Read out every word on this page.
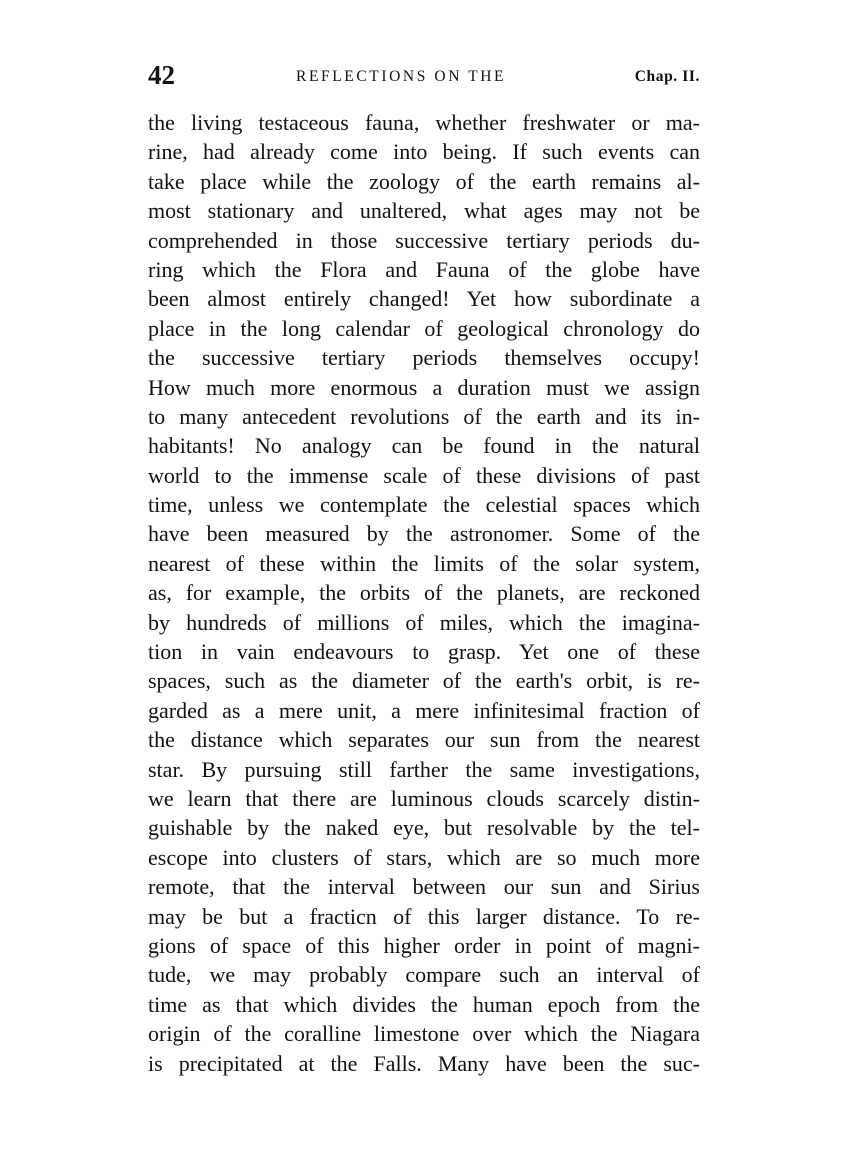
42	REFLECTIONS ON THE	Chap. II.
the living testaceous fauna, whether freshwater or ma-
rine, had already come into being. If such events can
take place while the zoology of the earth remains al-
most stationary and unaltered, what ages may not be
comprehended in those successive tertiary periods du-
ring which the Flora and Fauna of the globe have
been almost entirely changed! Yet how subordinate a
place in the long calendar of geological chronology do
the successive tertiary periods themselves occupy!
How much more enormous a duration must we assign
to many antecedent revolutions of the earth and its in-
habitants! No analogy can be found in the natural
world to the immense scale of these divisions of past
time, unless we contemplate the celestial spaces which
have been measured by the astronomer. Some of the
nearest of these within the limits of the solar system,
as, for example, the orbits of the planets, are reckoned
by hundreds of millions of miles, which the imagina-
tion in vain endeavours to grasp. Yet one of these
spaces, such as the diameter of the earth's orbit, is re-
garded as a mere unit, a mere infinitesimal fraction of
the distance which separates our sun from the nearest
star. By pursuing still farther the same investigations,
we learn that there are luminous clouds scarcely distin-
guishable by the naked eye, but resolvable by the tel-
escope into clusters of stars, which are so much more
remote, that the interval between our sun and Sirius
may be but a fracticn of this larger distance. To re-
gions of space of this higher order in point of magni-
tude, we may probably compare such an interval of
time as that which divides the human epoch from the
origin of the coralline limestone over which the Niagara
is precipitated at the Falls. Many have been the suc-
